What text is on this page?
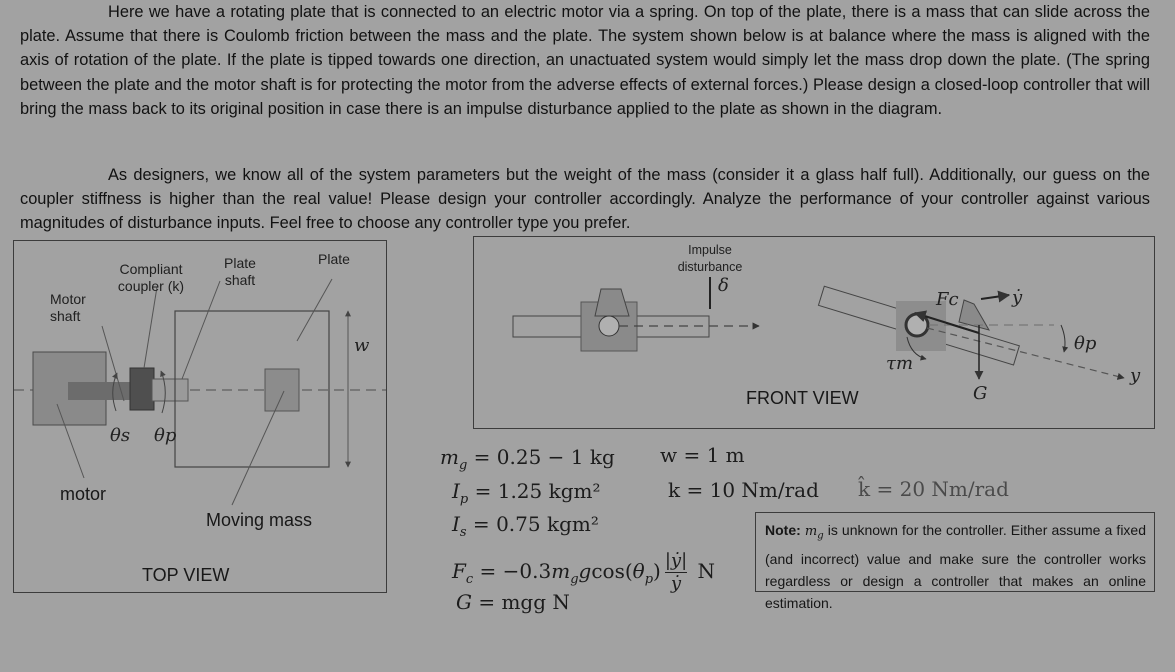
Here we have a rotating plate that is connected to an electric motor via a spring. On top of the plate, there is a mass that can slide across the plate. Assume that there is Coulomb friction between the mass and the plate. The system shown below is at balance where the mass is aligned with the axis of rotation of the plate. If the plate is tipped towards one direction, an unactuated system would simply let the mass drop down the plate. (The spring between the plate and the motor shaft is for protecting the motor from the adverse effects of external forces.) Please design a closed-loop controller that will bring the mass back to its original position in case there is an impulse disturbance applied to the plate as shown in the diagram.

As designers, we know all of the system parameters but the weight of the mass (consider it a glass half full). Additionally, our guess on the coupler stiffness is higher than the real value! Please design your controller accordingly. Analyze the performance of your controller against various magnitudes of disturbance inputs. Feel free to choose any controller type you prefer.

Motor shaft
Compliant coupler (k)
Plate shaft
Plate
w
θs θp
motor
Moving mass
TOP VIEW
Impulse disturbance
δ
Fc	ẏ
θp
τm
G
y
FRONT VIEW
$m_g = 0.25 - 1$ kg
$I_p = 1.25$ kgm²
$I_s = 0.75$ kgm²
$F_c = -0.3m_ggcos(\theta_p) \frac{\text{|ẏ|}}{\text{ẏ}}$ N
G = mgg N
w = 1 m
k = 10 Nm/rad k̂ = 20 Nm/rad
Note: $m_g$ is unknown for the controller. Either assume a fixed (and incorrect) value and make sure the controller works regardless or design a controller that makes an online estimation.
